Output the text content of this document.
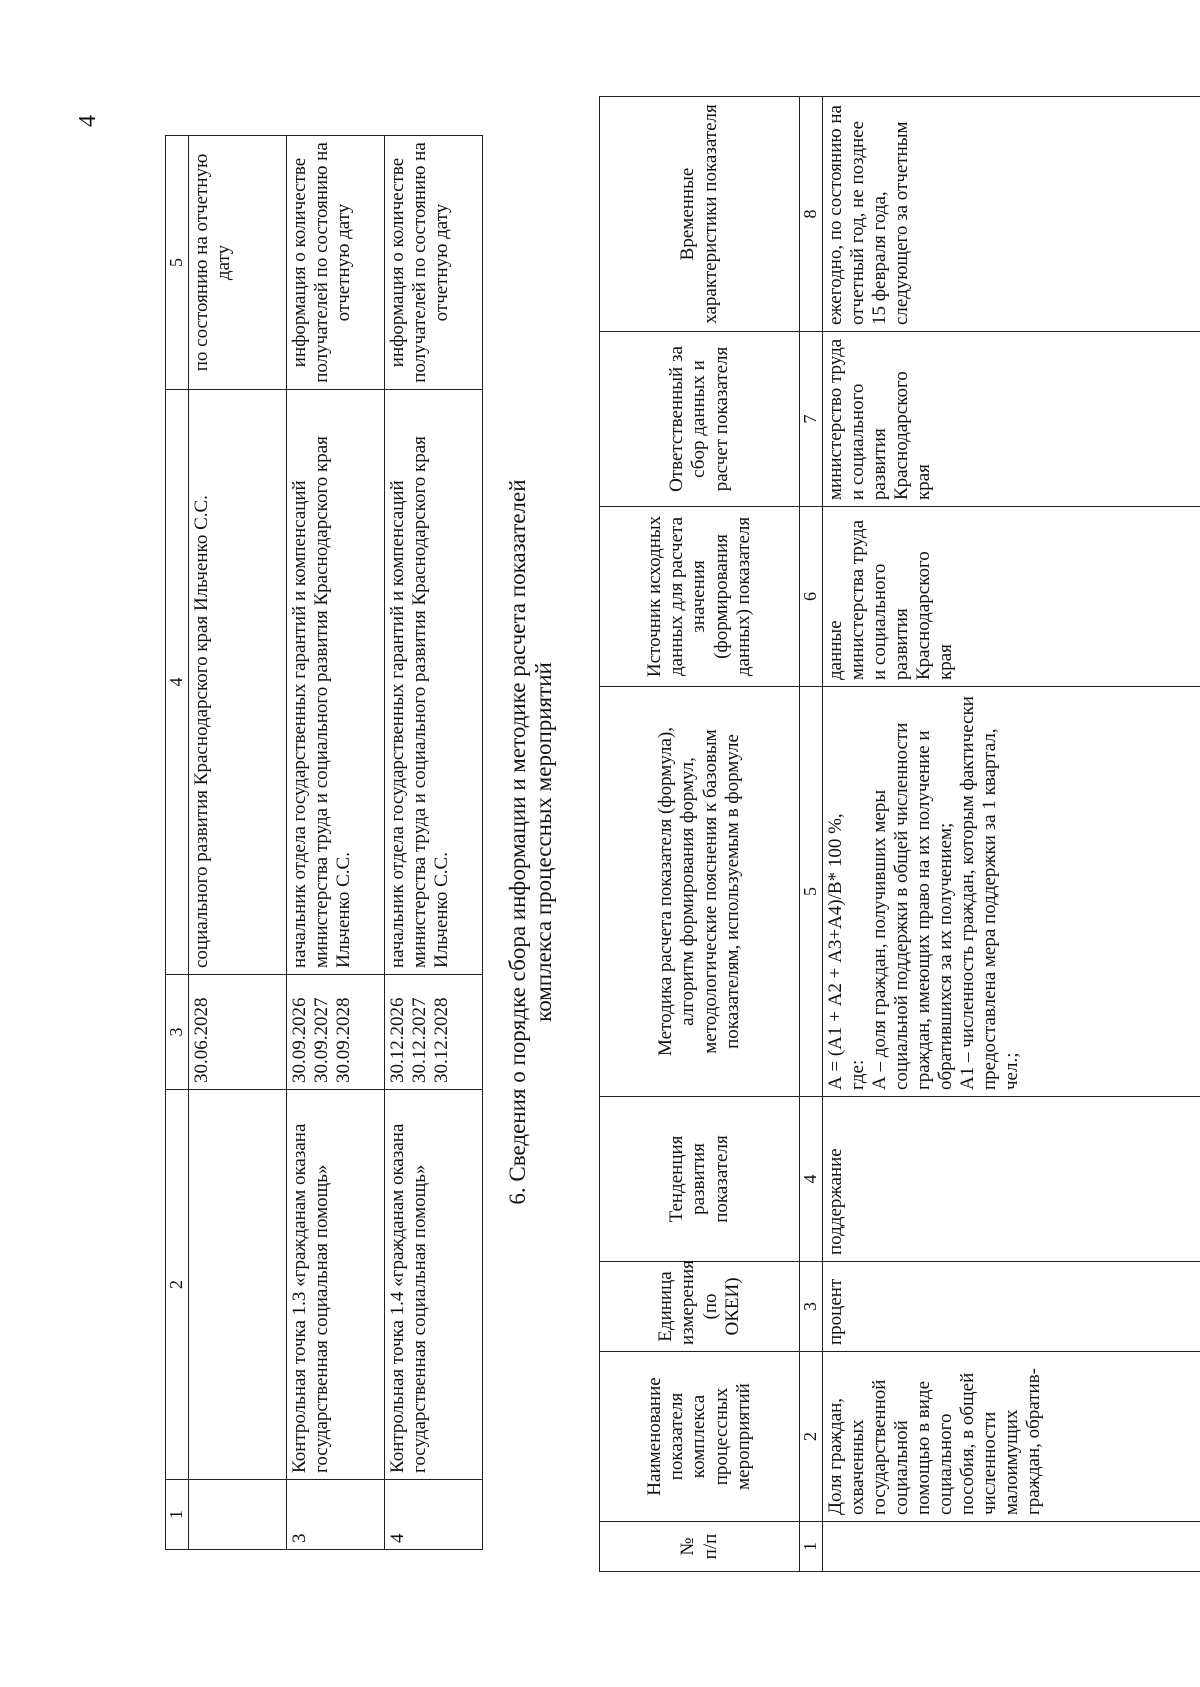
4
1	2	3	4	5

		30.06.2028	социального развития Краснодарского края Ильченко С.С.	по состоянию на отчетную дату
3	Контрольная точка 1.3 «гражданам оказана государственная социальная помощь»	30.09.2026 30.09.2027 30.09.2028	начальник отдела государственных гарантий и компенсаций министерства труда и социального развития Краснодарского края Ильченко С.С.	информация о количестве получателей по состоянию на отчетную дату
4	Контрольная точка 1.4 «гражданам оказана государственная социальная помощь»	30.12.2026 30.12.2027 30.12.2028	начальник отдела государственных гарантий и компенсаций министерства труда и социального развития Краснодарского края Ильченко С.С.	информация о количестве получателей по состоянию на отчетную дату
6. Сведения о порядке сбора информации и методике расчета показателей комплекса процессных мероприятий
№ п/п	Наименование показателя комплекса процессных мероприятий	Единица измерения (по ОКЕИ)	Тенденция развития показателя	Методика расчета показателя (формула), алгоритм формирования формул, методологические пояснения к базовым показателям, используемым в формуле	Источник исходных данных для расчета значения (формирования данных) показателя	Ответственный за сбор данных и расчет показателя	Временные характеристики показателя
1	2	3	4	5	6	7	8
	Доля граждан, охваченных государственной социальной помощью в виде социального пособия, в общей численности малоимущих граждан, обратив-	процент	поддержание	А = (А1 + А2 + А3+А4)/В* 100 %, где: А – доля граждан, получивших меры социальной поддержки в общей численности граждан, имеющих право на их получение и обратившихся за их получением; А1 – численность граждан, которым фактически предоставлена мера поддержки за 1 квартал, чел.;	данные министерства труда и социального развития Краснодарского края	министерство труда и социального развития Краснодарского края	ежегодно, по состоянию на отчетный год, не позднее 15 февраля года, следующего за отчетным
